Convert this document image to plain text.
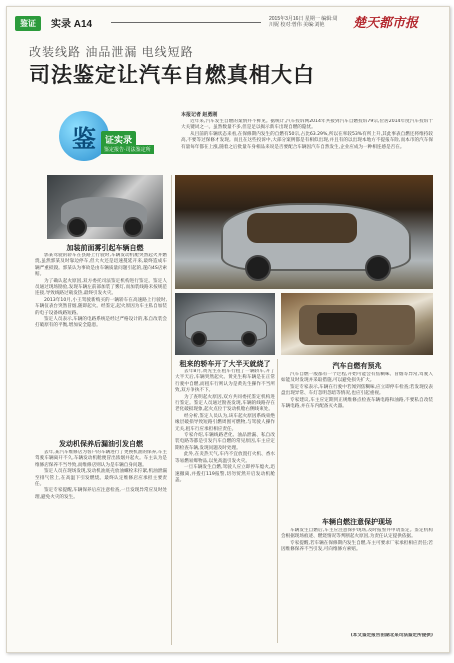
鉴证	实录 A14	2015年3月16日 星期一 编辑:周川妮 校对:曾伟 美编:刘艳	楚天都市报
改装线路 油品泄漏 电线短路
司法鉴定让汽车自燃真相大白
鉴	证实录
鉴定报告·司法鉴定所
本报记者 赵勇刚

近年来,汽车发生自燃的案情并不鲜见。据统计,汽车投诉网2014年共接到汽车自燃投诉79宗,位居2014年度汽车投诉十大关键词之一。虽然数量不多,但是足以揭示新车出现自燃的隐忧。

从目前的车辆状态来看,在保修期内发生的自燃有50宗,占比63.29%,所以在率较53%有所上升,其此事表自燃还将维持较高,不要等过保修才发现。而且在这些投诉中,大部分案例都是有相似出现,并且有的以出现本地方不提报车险,而本市的汽车保有量每年都在上涨,随着之后批量车身相品来说是否要配合车辆因汽车自然发生,企业应成为一种相连感是否在。

加装前面雾引起车辆自燃

郭某驾驶的轿车在县路上行驶时,车辆发动机舱突然起火并燃烧,虽然郭某及时靠边停车,但大火还是迅速蔓延开来,最终造成车辆严重损毁。郭某认为事故是由车辆质量问题引起的,遂向4S店索赔。

为了确认起火原因,双方委托司法鉴定机构进行鉴定。鉴定人员通过现场勘验,发现车辆左前部加装了雾灯,而加装线路未按规范连接,导致线路过载发热,最终引发火灾。

2013年10月,小王驾驶新购买的一辆轿车在高速路上行驶时,车辆仪表台突然冒烟,随即起火。经鉴定,起火原因为车主私自加装的电子设备线路短路。

鉴定人员表示,车辆的电路系统是经过严格设计的,私自改装会打破原有的平衡,增加安全隐患。

发动机保养后漏油引发自燃

去年,某汽车维修店为客户的车辆进行了更换机油的保养,车主驾驶车辆离开不久,车辆发动机舱便冒出浓烟并起火。车主认为是维修店保养不当导致,而维修店则认为是车辆自身问题。

鉴定人员在现场发现,发动机油底壳放油螺栓未拧紧,机油泄漏至排气管上,在高温下引发燃烧。最终认定维修店应承担主要责任。

鉴定专家提醒,车辆保养后应注意检查,一旦发现异常应及时处理,避免火灾的发生。

租来的轿车开了大半天就烧了

去年8月,黄先生在租车行租了一辆轿车,开了大半天后,车辆突然起火。黄先生称车辆是在正常行驶中自燃,而租车行则认为是黄先生操作不当所致,双方争执不下。

为了查明起火原因,双方共同委托鉴定机构进行鉴定。鉴定人员通过勘查发现,车辆的线路存在老化破损现象,起火点位于发动机舱右侧线束处。

经分析,鉴定人员认为,该车起火原因系线束绝缘层破损导致短路引燃周围可燃物,与驾驶人操作无关,租车行应承担相应责任。

专家介绍,车辆线路老化、油品泄漏、私自改装电路等都是引发汽车自燃的常见原因,车主应定期检查车辆,发现问题及时处理。

此外,在炎热天气,车内不宜放置打火机、香水等易燃易爆物品,以免高温引发火灾。

一旦车辆发生自燃,驾驶人应立即停车熄火,迅速撤离,并拨打119报警,切勿贸然开启发动机舱盖。

汽车自燃有预兆

汽车自燃一般都有一个过程,开始可能会有焦糊味、冒烟等异常,驾驶人如能及时发现并采取措施,可以避免损失扩大。

鉴定专家表示,车辆在行驶中若闻到焦糊味,应立即停车检查;若发现仪表盘出现异常、车灯忽明忽暗等情况,也应引起重视。

专家建议,车主应定期到正规维修点检查车辆电路和油路,不要私自改装车辆电路,并在车内配备灭火器。

车辆自燃注意保护现场

车辆发生自燃后,车主应注意保护现场,及时报警并申请鉴定。鉴定机构会根据现场痕迹、燃烧情况等判断起火原因,为责任认定提供依据。

专家提醒,若车辆在保修期内发生自燃,车主可要求厂家承担相应责任;若因维修保养不当引发,可向维修方索赔。

(本文鉴定报告由湖北某司法鉴定所提供)
